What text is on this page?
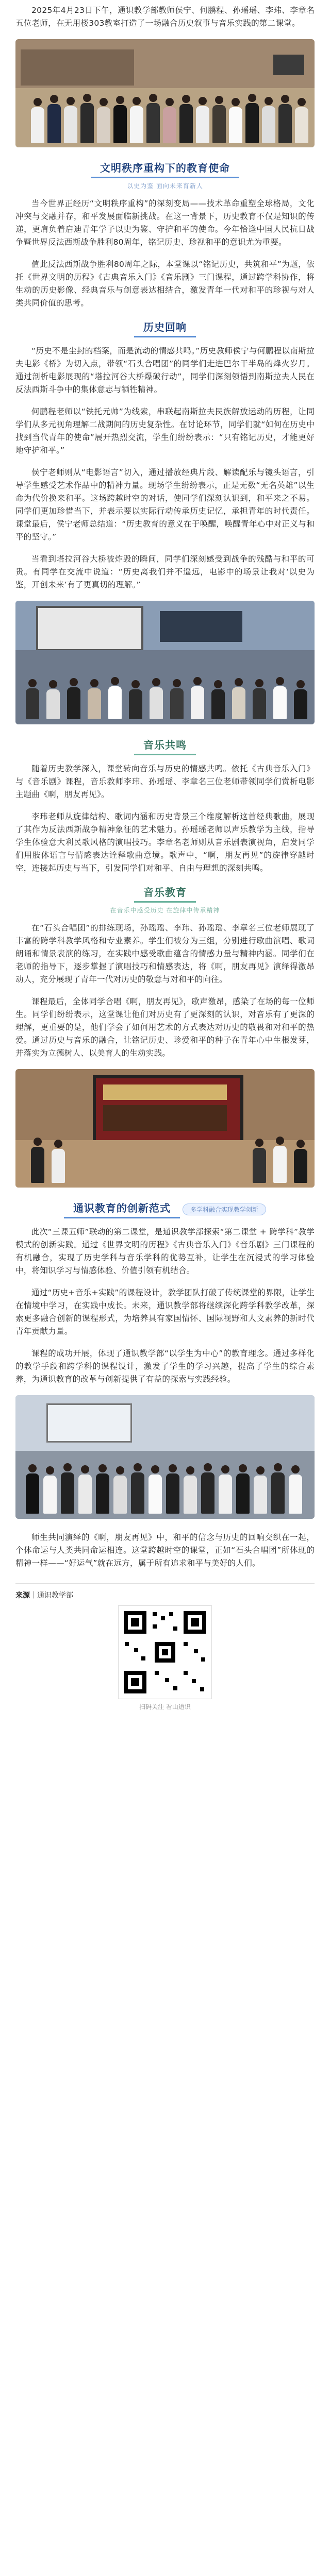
2025年4月23日下午，通识教学部教师侯宁、何鹏程、孙瑶瑶、李玮、李章名五位老师，在无用楼303教室打造了一场融合历史叙事与音乐实践的第二课堂。

文明秩序重构下的教育使命
以史为鉴 面向未来育新人

当今世界正经历“文明秩序重构”的深刻变局——技术革命重塑全球格局，文化冲突与交融并存，和平发展面临新挑战。在这一背景下，历史教育不仅是知识的传递，更肩负着启迪青年学子以史为鉴、守护和平的使命。今年恰逢中国人民抗日战争暨世界反法西斯战争胜利80周年，铭记历史、珍视和平的意识尤为重要。

值此反法西斯战争胜利80周年之际，本堂课以“铭记历史，共筑和平”为题，依托《世界文明的历程》《古典音乐入门》《音乐剧》三门课程，通过跨学科协作，将生动的历史影像、经典音乐与创意表达相结合，激发青年一代对和平的珍视与对人类共同价值的思考。

历史回响

“历史不是尘封的档案，而是流动的情感共鸣。”历史教师侯宁与何鹏程以南斯拉夫电影《桥》为切入点，带领“石头合唱团”的同学们走进巴尔干半岛的烽火岁月。通过剖析电影展现的“塔拉河谷大桥爆破行动”，同学们深刻领悟到南斯拉夫人民在反法西斯斗争中的集体意志与牺牲精神。

何鹏程老师以“铁托元帅”为线索，串联起南斯拉夫民族解放运动的历程，让同学们从多元视角理解二战期间的历史复杂性。在讨论环节，同学们就“如何在历史中找到当代青年的使命”展开热烈交流，学生们纷纷表示：“只有铭记历史，才能更好地守护和平。”

侯宁老师则从“电影语言”切入，通过播放经典片段、解读配乐与镜头语言，引导学生感受艺术作品中的精神力量。现场学生纷纷表示，正是无数“无名英雄”以生命为代价换来和平。这场跨越时空的对话，使同学们深刻认识到，和平来之不易。同学们更加珍惜当下，并表示要以实际行动传承历史记忆，承担青年的时代责任。课堂最后，侯宁老师总结道：“历史教育的意义在于唤醒，唤醒青年心中对正义与和平的坚守。”

当看到塔拉河谷大桥被炸毁的瞬间，同学们深刻感受到战争的残酷与和平的可贵。有同学在交流中说道：“历史离我们并不遥远，电影中的场景让我对‘以史为鉴，开创未来’有了更真切的理解。”

音乐共鸣

随着历史教学深入，课堂转向音乐与历史的情感共鸣。依托《古典音乐入门》与《音乐剧》课程，音乐教师李玮、孙瑶瑶、李章名三位老师带领同学们赏析电影主题曲《啊，朋友再见》。

李玮老师从旋律结构、歌词内涵和历史背景三个维度解析这首经典歌曲，展现了其作为反法西斯战争精神象征的艺术魅力。孙瑶瑶老师以声乐教学为主线，指导学生体验意大利民歌风格的演唱技巧。李章名老师则从音乐剧表演视角，启发同学们用肢体语言与情感表达诠释歌曲意境。歌声中，“啊，朋友再见”的旋律穿越时空，连接起历史与当下，引发同学们对和平、自由与理想的深刻共鸣。

音乐教育
在音乐中感受历史 在旋律中传承精神

在“石头合唱团”的排练现场，孙瑶瑶、李玮、孙瑶瑶、李章名三位老师展现了丰富的跨学科教学风格和专业素养。学生们被分为三组，分别进行歌曲演唱、歌词朗诵和情景表演的练习，在实践中感受歌曲蕴含的情感力量与精神内涵。同学们在老师的指导下，逐步掌握了演唱技巧和情感表达，将《啊，朋友再见》演绎得激昂动人，充分展现了青年一代对历史的敬意与对和平的向往。

课程最后，全体同学合唱《啊，朋友再见》，歌声激昂，感染了在场的每一位师生。同学们纷纷表示，这堂课让他们对历史有了更深刻的认识，对音乐有了更深的理解，更重要的是，他们学会了如何用艺术的方式表达对历史的敬畏和对和平的热爱。通过历史与音乐的融合，让铭记历史、珍爱和平的种子在青年心中生根发芽，并落实为立德树人、以美育人的生动实践。

通识教育的创新范式	多学科融合实现教学创新

此次“三课五师”联动的第二课堂，是通识教学部探索“第二课堂 + 跨学科”教学模式的创新实践。通过《世界文明的历程》《古典音乐入门》《音乐剧》三门课程的有机融合，实现了历史学科与音乐学科的优势互补，让学生在沉浸式的学习体验中，将知识学习与情感体验、价值引领有机结合。

通过“历史+音乐+实践”的课程设计，教学团队打破了传统课堂的界限，让学生在情境中学习，在实践中成长。未来，通识教学部将继续深化跨学科教学改革，探索更多融合创新的课程形式，为培养具有家国情怀、国际视野和人文素养的新时代青年贡献力量。

课程的成功开展，体现了通识教学部“以学生为中心”的教育理念。通过多样化的教学手段和跨学科的课程设计，激发了学生的学习兴趣，提高了学生的综合素养，为通识教育的改革与创新提供了有益的探索与实践经验。

师生共同演绎的《啊，朋友再见》中，和平的信念与历史的回响交织在一起，个体命运与人类共同命运相连。这堂跨越时空的课堂，正如“石头合唱团”所体现的精神一样——“好运气”就在远方，属于所有追求和平与美好的人们。

来源｜通识教学部
扫码关注 看山道识
